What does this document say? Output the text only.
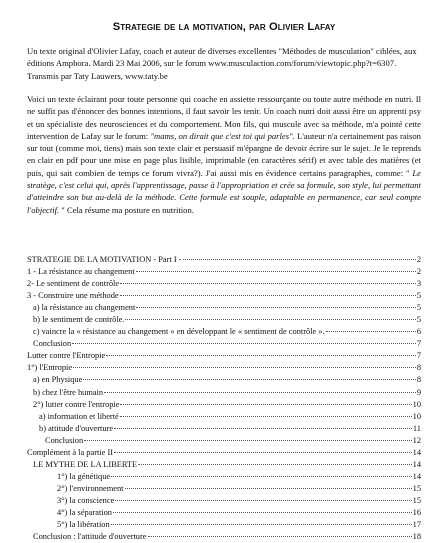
Strategie de la motivation, par Olivier Lafay

Un texte original d'Olivier Lafay, coach et auteur de diverses excellentes "Méthodes de musculation" ciblées, aux éditions Amphora. Mardi 23 Mai 2006, sur le forum www.musculaction.com/forum/viewtopic.php?t=6307. Transmis par Taty Lauwers, www.taty.be

Voici un texte éclairant pour toute personne qui coache en assiette ressourçante ou toute autre méthode en nutri. Il ne suffit pas d'énoncer des bonnes intentions, il faut savoir les tenir. Un coach nutri doit aussi être un apprenti psy et un spécialiste des neurosciences et du comportement. Mon fils, qui muscule avec sa méthode, m'a pointé cette intervention de Lafay sur le forum: "mams, on dirait que c'est toi qui parles". L'auteur n'a certainement pas raison sur tout (comme moi, tiens) mais son texte clair et persuasif m'épargne de devoir écrire sur le sujet. Je le reprends en clair en pdf pour une mise en page plus lisible, imprimable (en caractères sérif) et avec table des matières (et puis, qui sait combien de temps ce forum vivra?). J'ai aussi mis en évidence certains paragraphes, comme: " Le stratège, c'est celui qui, après l'apprentissage, passe à l'appropriation et crée sa formule, son style, lui permettant d'atteindre son but au-delà de la méthode. Cette formule est souple, adaptable en permanence, car seul compte l'objectif. " Cela résume ma posture en nutrition.

STRATEGIE DE LA MOTIVATION - Part I -	2
1 - La résistance au changement	2
2- Le sentiment de contrôle	3
3 - Construire une méthode	5
a) la résistance au changement	5
b) le sentiment de contrôle.	5
c) vaincre la « résistance au changement » en développant le « sentiment de contrôle ».	6
Conclusion	7
Lutter contre l'Entropie	7
1°) l'Entropie	8
a) en Physique	8
b) chez l'être humain	9
2°) lutter contre l'entropie	10
a) information et liberté	10
b) attitude d'ouverture	11
Conclusion	12
Complément à la partie II	14
LE MYTHE DE LA LIBERTE	14
1°) la génétique	14
2°) l'environnement	15
3°) la conscience	15
4°) la séparation	16
5°) la libération	17
Conclusion : l'attitude d'ouverture	18
